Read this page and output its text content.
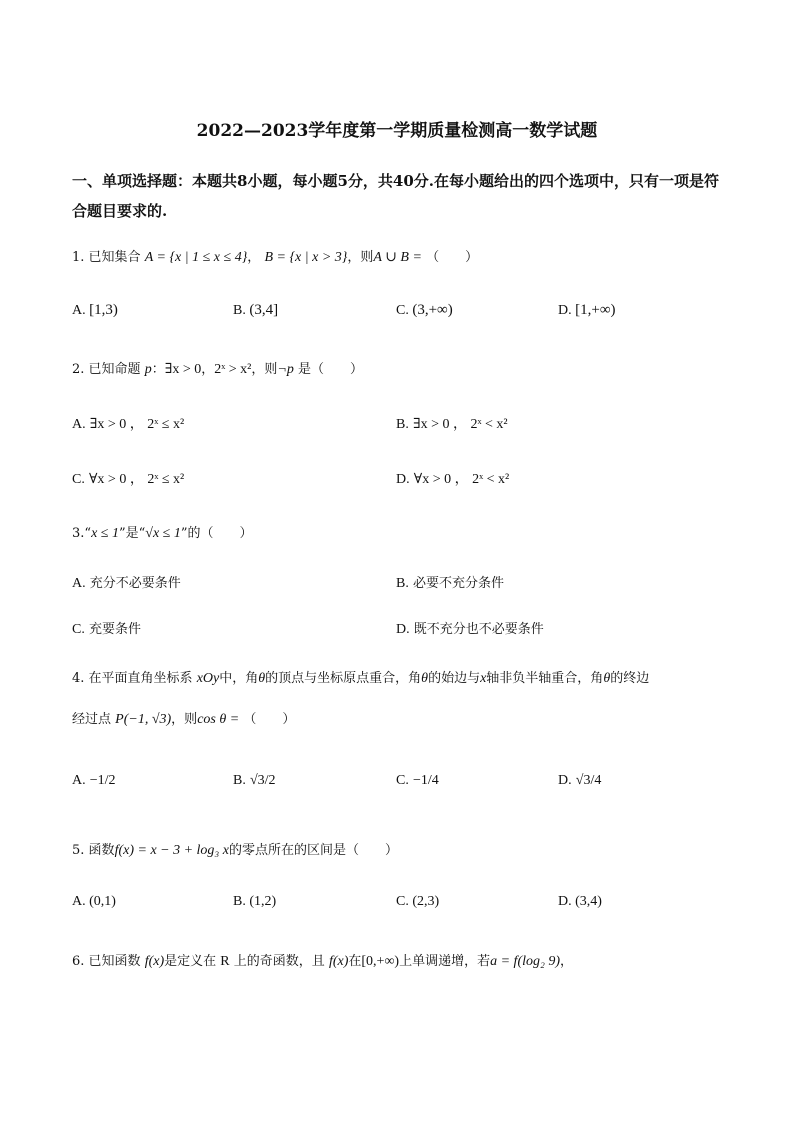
2022—2023学年度第一学期质量检测高一数学试题
一、单项选择题：本题共8小题，每小题5分，共40分.在每小题给出的四个选项中，只有一项是符合题目要求的.
1. 已知集合 A = {x | 1 ≤ x ≤ 4}， B = {x | x > 3}，则A ∪ B = （　　）
A. [1,3)	B. (3,4]	C. (3,+∞)	D. [1,+∞)
2. 已知命题 p：∃x > 0，2ˣ > x²，则¬p 是（　　）
A. ∃x > 0 ， 2ˣ ≤ x²	B. ∃x > 0 ， 2ˣ < x²
C. ∀x > 0 ， 2ˣ ≤ x²	D. ∀x > 0 ， 2ˣ < x²
3.“x ≤ 1”是“√x ≤ 1”的（　　）
A. 充分不必要条件	B. 必要不充分条件
C. 充要条件	D. 既不充分也不必要条件
4. 在平面直角坐标系 xOy中，角θ的顶点与坐标原点重合，角θ的始边与x轴非负半轴重合，角θ的终边
经过点 P(−1, √3)，则cos θ = （　　）
A. −1/2	B. √3/2	C. −1/4	D. √3/4
5. 函数f(x) = x − 3 + log₃ x的零点所在的区间是（　　）
A. (0,1)	B. (1,2)	C. (2,3)	D. (3,4)
6. 已知函数 f(x)是定义在 R 上的奇函数，且 f(x)在[0,+∞)上单调递增，若a = f(log₂ 9)，
